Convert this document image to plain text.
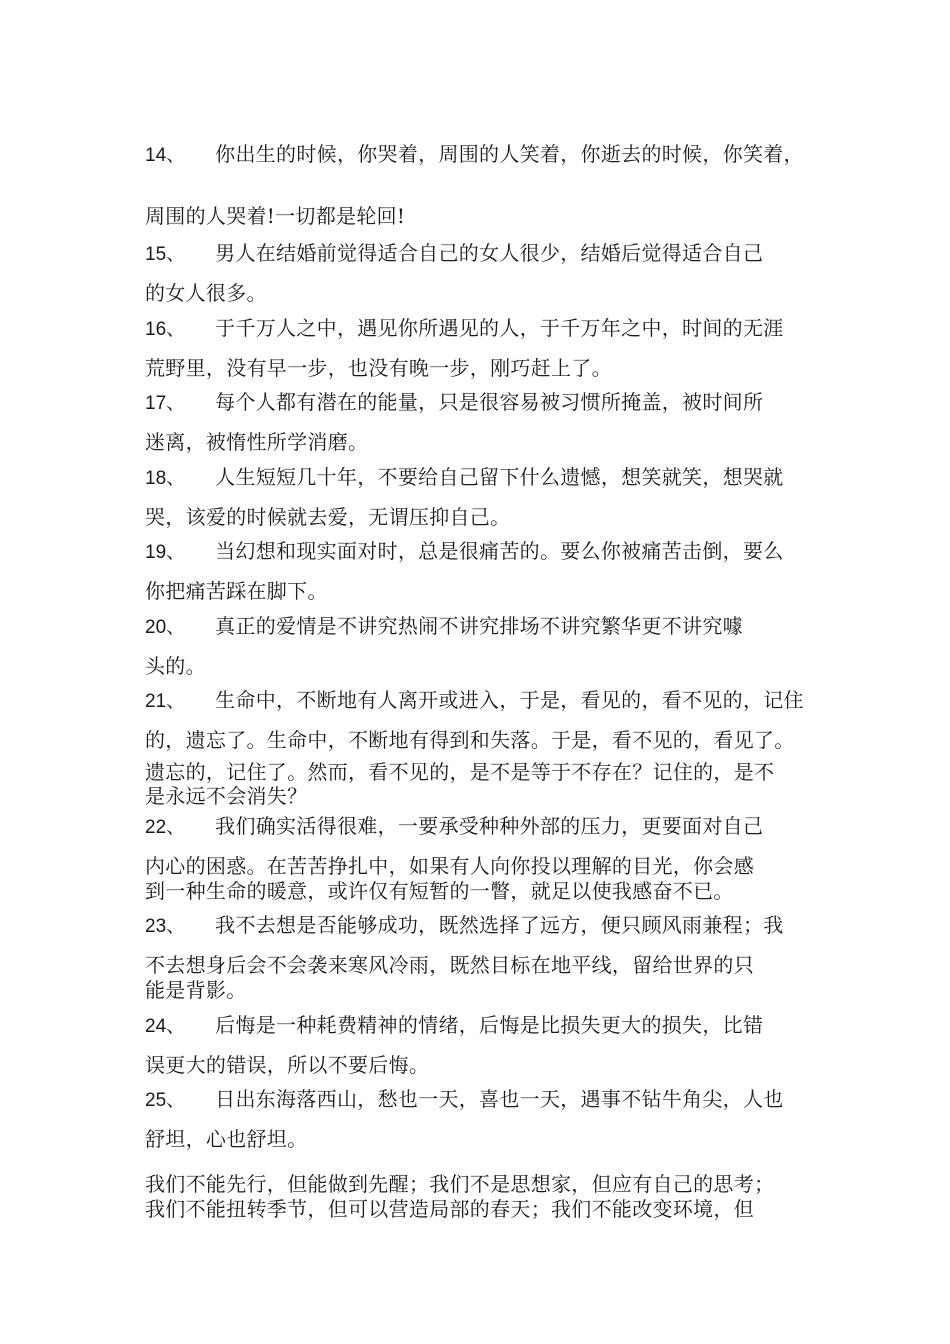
14、 你出生的时候，你哭着，周围的人笑着，你逝去的时候，你笑着，
周围的人哭着!一切都是轮回!
15、 男人在结婚前觉得适合自己的女人很少，结婚后觉得适合自己
的女人很多。
16、 于千万人之中，遇见你所遇见的人，于千万年之中，时间的无涯
荒野里，没有早一步，也没有晚一步，刚巧赶上了。
17、 每个人都有潜在的能量，只是很容易被习惯所掩盖，被时间所
迷离，被惰性所学消磨。
18、 人生短短几十年，不要给自己留下什么遗憾，想笑就笑，想哭就
哭，该爱的时候就去爱，无谓压抑自己。
19、 当幻想和现实面对时，总是很痛苦的。要么你被痛苦击倒，要么
你把痛苦踩在脚下。
20、 真正的爱情是不讲究热闹不讲究排场不讲究繁华更不讲究噱
头的。
21、 生命中，不断地有人离开或进入，于是，看见的，看不见的，记住
的，遗忘了。生命中，不断地有得到和失落。于是，看不见的，看见了。
遗忘的，记住了。然而，看不见的，是不是等于不存在？记住的，是不
是永远不会消失？
22、 我们确实活得很难，一要承受种种外部的压力，更要面对自己
内心的困惑。在苦苦挣扎中，如果有人向你投以理解的目光，你会感
到一种生命的暖意，或许仅有短暂的一瞥，就足以使我感奋不已。
23、 我不去想是否能够成功，既然选择了远方，便只顾风雨兼程；我
不去想身后会不会袭来寒风冷雨，既然目标在地平线，留给世界的只
能是背影。
24、 后悔是一种耗费精神的情绪，后悔是比损失更大的损失，比错
误更大的错误，所以不要后悔。
25、 日出东海落西山，愁也一天，喜也一天，遇事不钻牛角尖，人也
舒坦，心也舒坦。
我们不能先行，但能做到先醒；我们不是思想家，但应有自己的思考；
我们不能扭转季节，但可以营造局部的春天；我们不能改变环境，但
